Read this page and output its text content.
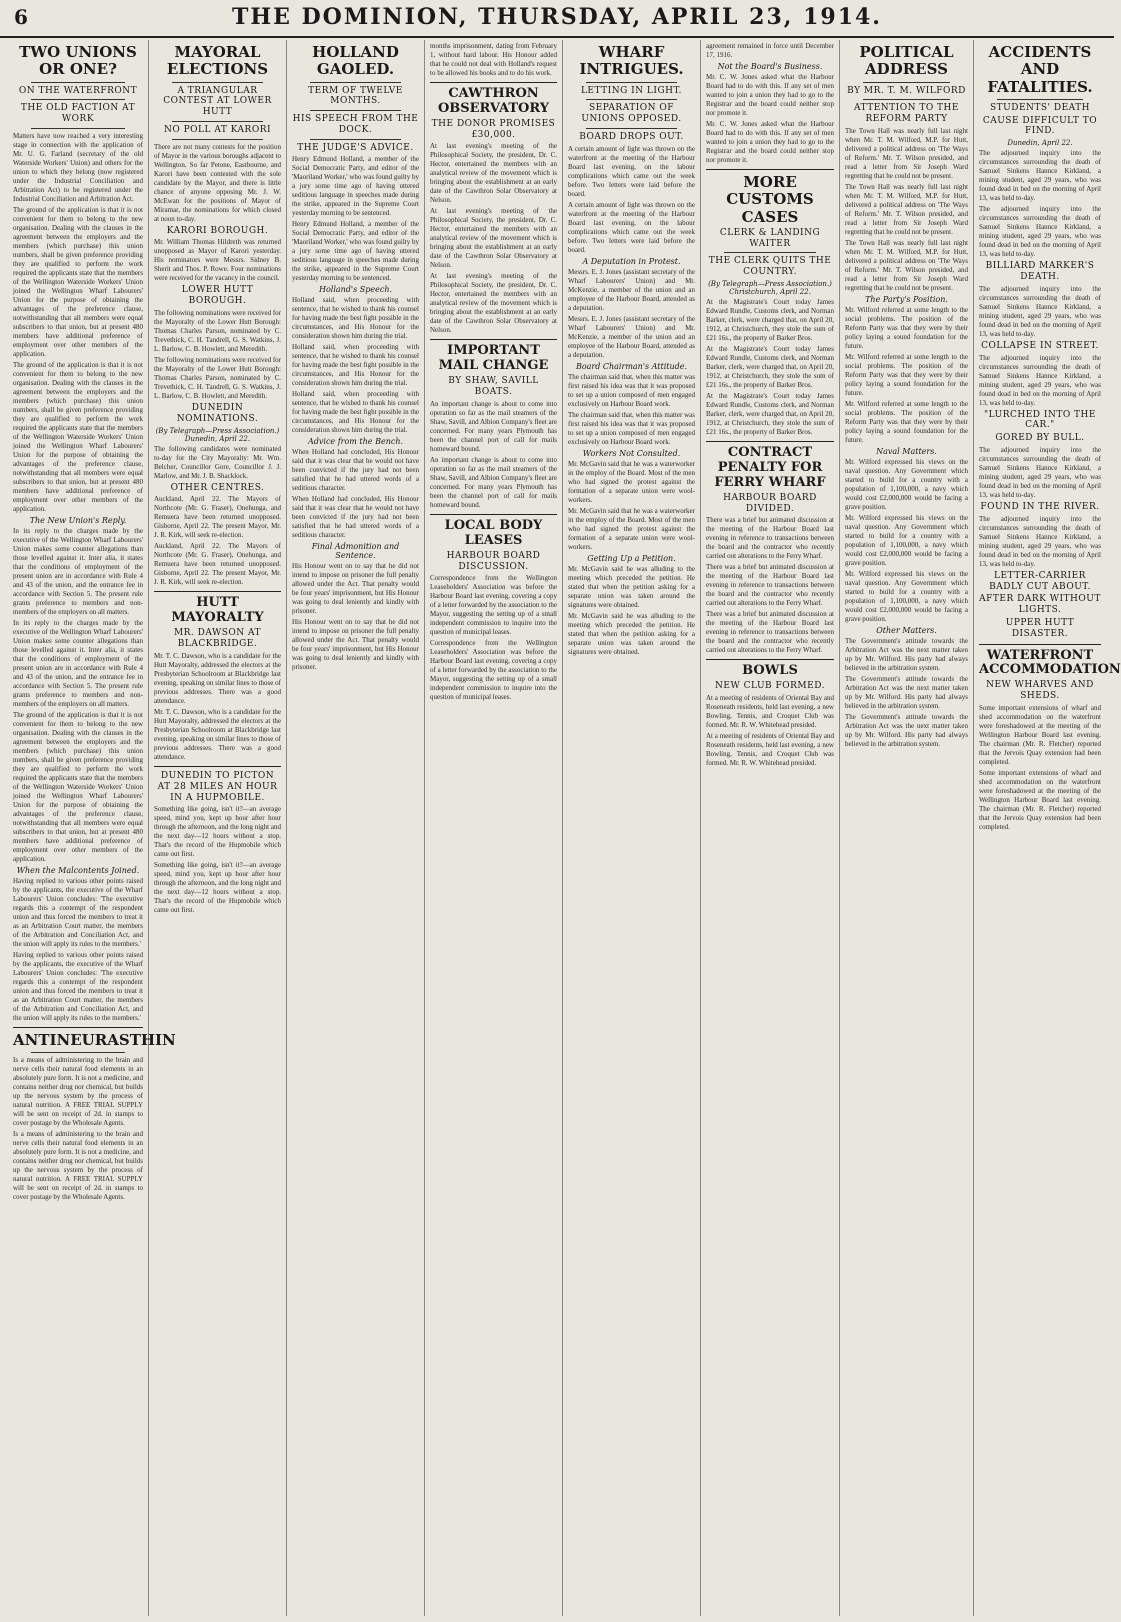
6	THE DOMINION, THURSDAY, APRIL 23, 1914.
TWO UNIONS OR ONE?
ON THE WATERFRONT
THE OLD FACTION AT WORK

Matters have now reached a very interesting stage in connection with the application of Mr. U. G. Farland (secretary of the old Waterside Workers' Union) and others for the union to which they belong (now registered under the Industrial Conciliation and Arbitration Act) to be registered under the Industrial Conciliation and Arbitration Act.

The ground of the application is that it is not convenient for them to belong to the new organisation. Dealing with the clauses in the agreement between the employers and the members (which purchase) this union numbers, shall be given preference providing they are qualified to perform the work required the applicants state that the members of the Wellington Waterside Workers' Union joined the Wellington Wharf Labourers' Union for the purpose of obtaining the advantages of the preference clause, notwithstanding that all members were equal subscribers to that union, but at present 480 members have additional preference of employment over other members of the application.

The ground of the application is that it is not convenient for them to belong to the new organisation. Dealing with the clauses in the agreement between the employers and the members (which purchase) this union numbers, shall be given preference providing they are qualified to perform the work required the applicants state that the members of the Wellington Waterside Workers' Union joined the Wellington Wharf Labourers' Union for the purpose of obtaining the advantages of the preference clause, notwithstanding that all members were equal subscribers to that union, but at present 480 members have additional preference of employment over other members of the application.

The New Union's Reply.

In its reply to the charges made by the executive of the Wellington Wharf Labourers' Union makes some counter allegations than those levelled against it. Inter alia, it states that the conditions of employment of the present union are in accordance with Rule 4 and 43 of the union, and the entrance fee in accordance with Section 5. The present rule grants preference to members and non-members of the employers on all matters.

In its reply to the charges made by the executive of the Wellington Wharf Labourers' Union makes some counter allegations than those levelled against it. Inter alia, it states that the conditions of employment of the present union are in accordance with Rule 4 and 43 of the union, and the entrance fee in accordance with Section 5. The present rule grants preference to members and non-members of the employers on all matters.

The ground of the application is that it is not convenient for them to belong to the new organisation. Dealing with the clauses in the agreement between the employers and the members (which purchase) this union numbers, shall be given preference providing they are qualified to perform the work required the applicants state that the members of the Wellington Waterside Workers' Union joined the Wellington Wharf Labourers' Union for the purpose of obtaining the advantages of the preference clause, notwithstanding that all members were equal subscribers to that union, but at present 480 members have additional preference of employment over other members of the application.

When the Malcontents Joined.

Having replied to various other points raised by the applicants, the executive of the Wharf Labourers' Union concludes: 'The executive regards this a contempt of the respondent union and thus forced the members to treat it as an Arbitration Court matter, the members of the Arbitration and Conciliation Act, and the union will apply its rules to the members.'

Having replied to various other points raised by the applicants, the executive of the Wharf Labourers' Union concludes: 'The executive regards this a contempt of the respondent union and thus forced the members to treat it as an Arbitration Court matter, the members of the Arbitration and Conciliation Act, and the union will apply its rules to the members.'

ANTINEURASTHIN

Is a means of administering to the brain and nerve cells their natural food elements in an absolutely pure form. It is not a medicine, and contains neither drug nor chemical, but builds up the nervous system by the process of natural nutrition. A FREE TRIAL SUPPLY will be sent on receipt of 2d. in stamps to cover postage by the Wholesale Agents.

Is a means of administering to the brain and nerve cells their natural food elements in an absolutely pure form. It is not a medicine, and contains neither drug nor chemical, but builds up the nervous system by the process of natural nutrition. A FREE TRIAL SUPPLY will be sent on receipt of 2d. in stamps to cover postage by the Wholesale Agents.

MAYORAL ELECTIONS
A TRIANGULAR CONTEST AT LOWER HUTT
NO POLL AT KARORI

There are not many contests for the position of Mayor in the various boroughs adjacent to Wellington. So far Petone, Eastbourne, and Karori have been contested with the sole candidate by the Mayor, and there is little chance of anyone opposing Mr. J. W. McEwan for the positions of Mayor of Miramar, the nominations for which closed at noon to-day.

KARORI BOROUGH.

Mr. William Thomas Hildreth was returned unopposed as Mayor of Karori yesterday. His nominators were Messrs. Sidney B. Sherit and Thos. P. Rowe. Four nominations were received for the vacancy in the council.

LOWER HUTT BOROUGH.

The following nominations were received for the Mayoralty of the Lower Hutt Borough: Thomas Charles Parson, nominated by C. Trevethick, C. H. Tandrell, G. S. Watkins, J. L. Barlow, C. B. Howlett, and Meredith.

The following nominations were received for the Mayoralty of the Lower Hutt Borough: Thomas Charles Parson, nominated by C. Trevethick, C. H. Tandrell, G. S. Watkins, J. L. Barlow, C. B. Howlett, and Meredith.

DUNEDIN NOMINATIONS.
(By Telegraph—Press Association.) Dunedin, April 22.

The following candidates were nominated to-day for the City Mayoralty: Mr. Wm. Belcher, Councillor Gore, Councillor J. J. Marlow, and Mr. J. B. Shacklock.

OTHER CENTRES.

Auckland, April 22. The Mayors of Northcote (Mr. G. Fraser), Onehunga, and Remuera have been returned unopposed. Gisborne, April 22. The present Mayor, Mr. J. R. Kirk, will seek re-election.

Auckland, April 22. The Mayors of Northcote (Mr. G. Fraser), Onehunga, and Remuera have been returned unopposed. Gisborne, April 22. The present Mayor, Mr. J. R. Kirk, will seek re-election.

HUTT MAYORALTY
MR. DAWSON AT BLACKBRIDGE.

Mr. T. C. Dawson, who is a candidate for the Hutt Mayoralty, addressed the electors at the Presbyterian Schoolroom at Blackbridge last evening, speaking on similar lines to those of previous addresses. There was a good attendance.

Mr. T. C. Dawson, who is a candidate for the Hutt Mayoralty, addressed the electors at the Presbyterian Schoolroom at Blackbridge last evening, speaking on similar lines to those of previous addresses. There was a good attendance.

DUNEDIN TO PICTON AT 28 MILES AN HOUR IN A HUPMOBILE.

Something like going, isn't it?—an average speed, mind you, kept up hour after hour through the afternoon, and the long night and the next day—12 hours without a stop. That's the record of the Hupmobile which came out first.

Something like going, isn't it?—an average speed, mind you, kept up hour after hour through the afternoon, and the long night and the next day—12 hours without a stop. That's the record of the Hupmobile which came out first.

HOLLAND GAOLED.
TERM OF TWELVE MONTHS.
HIS SPEECH FROM THE DOCK.
THE JUDGE'S ADVICE.

Henry Edmund Holland, a member of the Social Democratic Party, and editor of the 'Maoriland Worker,' who was found guilty by a jury some time ago of having uttered seditious language in speeches made during the strike, appeared in the Supreme Court yesterday morning to be sentenced.

Henry Edmund Holland, a member of the Social Democratic Party, and editor of the 'Maoriland Worker,' who was found guilty by a jury some time ago of having uttered seditious language in speeches made during the strike, appeared in the Supreme Court yesterday morning to be sentenced.

Holland's Speech.

Holland said, when proceeding with sentence, that he wished to thank his counsel for having made the best fight possible in the circumstances, and His Honour for the consideration shown him during the trial.

Holland said, when proceeding with sentence, that he wished to thank his counsel for having made the best fight possible in the circumstances, and His Honour for the consideration shown him during the trial.

Holland said, when proceeding with sentence, that he wished to thank his counsel for having made the best fight possible in the circumstances, and His Honour for the consideration shown him during the trial.

Advice from the Bench.

When Holland had concluded, His Honour said that it was clear that he would not have been convicted if the jury had not been satisfied that he had uttered words of a seditious character.

When Holland had concluded, His Honour said that it was clear that he would not have been convicted if the jury had not been satisfied that he had uttered words of a seditious character.

Final Admonition and Sentence.

His Honour went on to say that he did not intend to impose on prisoner the full penalty allowed under the Act. That penalty would be four years' imprisonment, but His Honour was going to deal leniently and kindly with prisoner.

His Honour went on to say that he did not intend to impose on prisoner the full penalty allowed under the Act. That penalty would be four years' imprisonment, but His Honour was going to deal leniently and kindly with prisoner.

months imprisonment, dating from February 1, without hard labour. His Honour added that he could not deal with Holland's request to be allowed his books and to do his work.

CAWTHRON OBSERVATORY
THE DONOR PROMISES £30,000.

At last evening's meeting of the Philosophical Society, the president, Dr. C. Hector, entertained the members with an analytical review of the movement which is bringing about the establishment at an early date of the Cawthron Solar Observatory at Nelson.

At last evening's meeting of the Philosophical Society, the president, Dr. C. Hector, entertained the members with an analytical review of the movement which is bringing about the establishment at an early date of the Cawthron Solar Observatory at Nelson.

At last evening's meeting of the Philosophical Society, the president, Dr. C. Hector, entertained the members with an analytical review of the movement which is bringing about the establishment at an early date of the Cawthron Solar Observatory at Nelson.

IMPORTANT MAIL CHANGE
BY SHAW, SAVILL BOATS.

An important change is about to come into operation so far as the mail steamers of the Shaw, Savill, and Albion Company's fleet are concerned. For many years Plymouth has been the channel port of call for mails homeward bound.

An important change is about to come into operation so far as the mail steamers of the Shaw, Savill, and Albion Company's fleet are concerned. For many years Plymouth has been the channel port of call for mails homeward bound.

LOCAL BODY LEASES
HARBOUR BOARD DISCUSSION.

Correspondence from the Wellington Leaseholders' Association was before the Harbour Board last evening, covering a copy of a letter forwarded by the association to the Mayor, suggesting the setting up of a small independent commission to inquire into the question of municipal leases.

Correspondence from the Wellington Leaseholders' Association was before the Harbour Board last evening, covering a copy of a letter forwarded by the association to the Mayor, suggesting the setting up of a small independent commission to inquire into the question of municipal leases.

WHARF INTRIGUES.
LETTING IN LIGHT.
SEPARATION OF UNIONS OPPOSED.
BOARD DROPS OUT.

A certain amount of light was thrown on the waterfront at the meeting of the Harbour Board last evening, on the labour complications which came out the week before. Two letters were laid before the board.

A certain amount of light was thrown on the waterfront at the meeting of the Harbour Board last evening, on the labour complications which came out the week before. Two letters were laid before the board.

A Deputation in Protest.

Messrs. E. J. Jones (assistant secretary of the Wharf Labourers' Union) and Mr. McKenzie, a member of the union and an employee of the Harbour Board, attended as a deputation.

Messrs. E. J. Jones (assistant secretary of the Wharf Labourers' Union) and Mr. McKenzie, a member of the union and an employee of the Harbour Board, attended as a deputation.

Board Chairman's Attitude.

The chairman said that, when this matter was first raised his idea was that it was proposed to set up a union composed of men engaged exclusively on Harbour Board work.

The chairman said that, when this matter was first raised his idea was that it was proposed to set up a union composed of men engaged exclusively on Harbour Board work.

Workers Not Consulted.

Mr. McGavin said that he was a waterworker in the employ of the Board. Most of the men who had signed the protest against the formation of a separate union were wool-workers.

Mr. McGavin said that he was a waterworker in the employ of the Board. Most of the men who had signed the protest against the formation of a separate union were wool-workers.

Getting Up a Petition.

Mr. McGavin said he was alluding to the meeting which preceded the petition. He stated that when the petition asking for a separate union was taken around the signatures were obtained.

Mr. McGavin said he was alluding to the meeting which preceded the petition. He stated that when the petition asking for a separate union was taken around the signatures were obtained.

agreement remained in force until December 17, 1916.

Not the Board's Business.

Mr. C. W. Jones asked what the Harbour Board had to do with this. If any set of men wanted to join a union they had to go to the Registrar and the board could neither stop nor promote it.

Mr. C. W. Jones asked what the Harbour Board had to do with this. If any set of men wanted to join a union they had to go to the Registrar and the board could neither stop nor promote it.

MORE CUSTOMS CASES
CLERK & LANDING WAITER
THE CLERK QUITS THE COUNTRY.
(By Telegraph—Press Association.) Christchurch, April 22.

At the Magistrate's Court today James Edward Rundle, Customs clerk, and Norman Barker, clerk, were charged that, on April 20, 1912, at Christchurch, they stole the sum of £21 16s., the property of Barker Bros.

At the Magistrate's Court today James Edward Rundle, Customs clerk, and Norman Barker, clerk, were charged that, on April 20, 1912, at Christchurch, they stole the sum of £21 16s., the property of Barker Bros.

At the Magistrate's Court today James Edward Rundle, Customs clerk, and Norman Barker, clerk, were charged that, on April 20, 1912, at Christchurch, they stole the sum of £21 16s., the property of Barker Bros.

CONTRACT PENALTY FOR FERRY WHARF
HARBOUR BOARD DIVIDED.

There was a brief but animated discussion at the meeting of the Harbour Board last evening in reference to transactions between the board and the contractor who recently carried out alterations to the Ferry Wharf.

There was a brief but animated discussion at the meeting of the Harbour Board last evening in reference to transactions between the board and the contractor who recently carried out alterations to the Ferry Wharf.

There was a brief but animated discussion at the meeting of the Harbour Board last evening in reference to transactions between the board and the contractor who recently carried out alterations to the Ferry Wharf.

BOWLS
NEW CLUB FORMED.

At a meeting of residents of Oriental Bay and Roseneath residents, held last evening, a new Bowling, Tennis, and Croquet Club was formed. Mr. R. W. Whitehead presided.

At a meeting of residents of Oriental Bay and Roseneath residents, held last evening, a new Bowling, Tennis, and Croquet Club was formed. Mr. R. W. Whitehead presided.

POLITICAL ADDRESS
BY MR. T. M. WILFORD
ATTENTION TO THE REFORM PARTY

The Town Hall was nearly full last night when Mr. T. M. Wilford, M.P. for Hutt, delivered a political address on 'The Ways of Reform.' Mr. T. Wilson presided, and read a letter from Sir Joseph Ward regretting that he could not be present.

The Town Hall was nearly full last night when Mr. T. M. Wilford, M.P. for Hutt, delivered a political address on 'The Ways of Reform.' Mr. T. Wilson presided, and read a letter from Sir Joseph Ward regretting that he could not be present.

The Town Hall was nearly full last night when Mr. T. M. Wilford, M.P. for Hutt, delivered a political address on 'The Ways of Reform.' Mr. T. Wilson presided, and read a letter from Sir Joseph Ward regretting that he could not be present.

The Party's Position.

Mr. Wilford referred at some length to the social problems. The position of the Reform Party was that they were by their policy laying a sound foundation for the future.

Mr. Wilford referred at some length to the social problems. The position of the Reform Party was that they were by their policy laying a sound foundation for the future.

Mr. Wilford referred at some length to the social problems. The position of the Reform Party was that they were by their policy laying a sound foundation for the future.

Naval Matters.

Mr. Wilford expressed his views on the naval question. Any Government which started to build for a country with a population of 1,100,000, a navy which would cost £2,000,000 would be facing a grave position.

Mr. Wilford expressed his views on the naval question. Any Government which started to build for a country with a population of 1,100,000, a navy which would cost £2,000,000 would be facing a grave position.

Mr. Wilford expressed his views on the naval question. Any Government which started to build for a country with a population of 1,100,000, a navy which would cost £2,000,000 would be facing a grave position.

Other Matters.

The Government's attitude towards the Arbitration Act was the next matter taken up by Mr. Wilford. His party had always believed in the arbitration system.

The Government's attitude towards the Arbitration Act was the next matter taken up by Mr. Wilford. His party had always believed in the arbitration system.

The Government's attitude towards the Arbitration Act was the next matter taken up by Mr. Wilford. His party had always believed in the arbitration system.

ACCIDENTS AND FATALITIES.
STUDENTS' DEATH
CAUSE DIFFICULT TO FIND.
Dunedin, April 22.

The adjourned inquiry into the circumstances surrounding the death of Samuel Sinkens Hannce Kirkland, a mining student, aged 29 years, who was found dead in bed on the morning of April 13, was held to-day.

The adjourned inquiry into the circumstances surrounding the death of Samuel Sinkens Hannce Kirkland, a mining student, aged 29 years, who was found dead in bed on the morning of April 13, was held to-day.

BILLIARD MARKER'S DEATH.

The adjourned inquiry into the circumstances surrounding the death of Samuel Sinkens Hannce Kirkland, a mining student, aged 29 years, who was found dead in bed on the morning of April 13, was held to-day.

COLLAPSE IN STREET.

The adjourned inquiry into the circumstances surrounding the death of Samuel Sinkens Hannce Kirkland, a mining student, aged 29 years, who was found dead in bed on the morning of April 13, was held to-day.

"LURCHED INTO THE CAR."
GORED BY BULL.

The adjourned inquiry into the circumstances surrounding the death of Samuel Sinkens Hannce Kirkland, a mining student, aged 29 years, who was found dead in bed on the morning of April 13, was held to-day.

FOUND IN THE RIVER.

The adjourned inquiry into the circumstances surrounding the death of Samuel Sinkens Hannce Kirkland, a mining student, aged 29 years, who was found dead in bed on the morning of April 13, was held to-day.

LETTER-CARRIER BADLY CUT ABOUT.
AFTER DARK WITHOUT LIGHTS.
UPPER HUTT DISASTER.
WATERFRONT ACCOMMODATION
NEW WHARVES AND SHEDS.

Some important extensions of wharf and shed accommodation on the waterfront were foreshadowed at the meeting of the Wellington Harbour Board last evening. The chairman (Mr. R. Fletcher) reported that the Jervois Quay extension had been completed.

Some important extensions of wharf and shed accommodation on the waterfront were foreshadowed at the meeting of the Wellington Harbour Board last evening. The chairman (Mr. R. Fletcher) reported that the Jervois Quay extension had been completed.
